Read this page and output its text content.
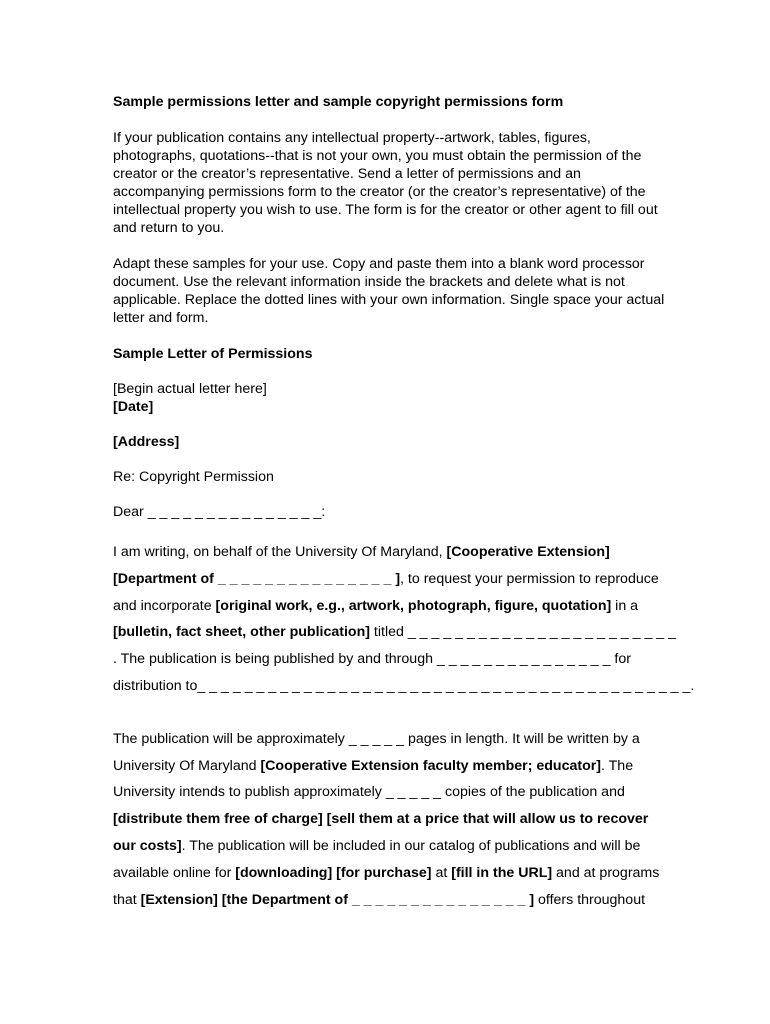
Sample permissions letter and sample copyright permissions form
If your publication contains any intellectual property--artwork, tables, figures,
photographs, quotations--that is not your own, you must obtain the permission of the
creator or the creator’s representative. Send a letter of permissions and an
accompanying permissions form to the creator (or the creator’s representative) of the
intellectual property you wish to use. The form is for the creator or other agent to fill out
and return to you.
Adapt these samples for your use. Copy and paste them into a blank word processor
document. Use the relevant information inside the brackets and delete what is not
applicable. Replace the dotted lines with your own information. Single space your actual
letter and form.
Sample Letter of Permissions
[Begin actual letter here]
[Date]
[Address]
Re: Copyright Permission
Dear _ _ _ _ _ _ _ _ _ _ _ _ _ _ _:
I am writing, on behalf of the University Of Maryland, [Cooperative Extension]
[Department of _ _ _ _ _ _ _ _ _ _ _ _ _ _ _ ], to request your permission to reproduce
and incorporate [original work, e.g., artwork, photograph, figure, quotation] in a
[bulletin, fact sheet, other publication] titled _ _ _ _ _ _ _ _ _ _ _ _ _ _ _ _ _ _ _ _ _ _ _
. The publication is being published by and through _ _ _ _ _ _ _ _ _ _ _ _ _ _ _ for
distribution to_ _ _ _ _ _ _ _ _ _ _ _ _ _ _ _ _ _ _ _ _ _ _ _ _ _ _ _ _ _ _ _ _ _ _ _ _ _ _ _ _ _.
The publication will be approximately _ _ _ _ _ pages in length. It will be written by a
University Of Maryland [Cooperative Extension faculty member; educator]. The
University intends to publish approximately _ _ _ _ _ copies of the publication and
[distribute them free of charge] [sell them at a price that will allow us to recover
our costs]. The publication will be included in our catalog of publications and will be
available online for [downloading] [for purchase] at [fill in the URL] and at programs
that [Extension] [the Department of _ _ _ _ _ _ _ _ _ _ _ _ _ _ _ ] offers throughout
